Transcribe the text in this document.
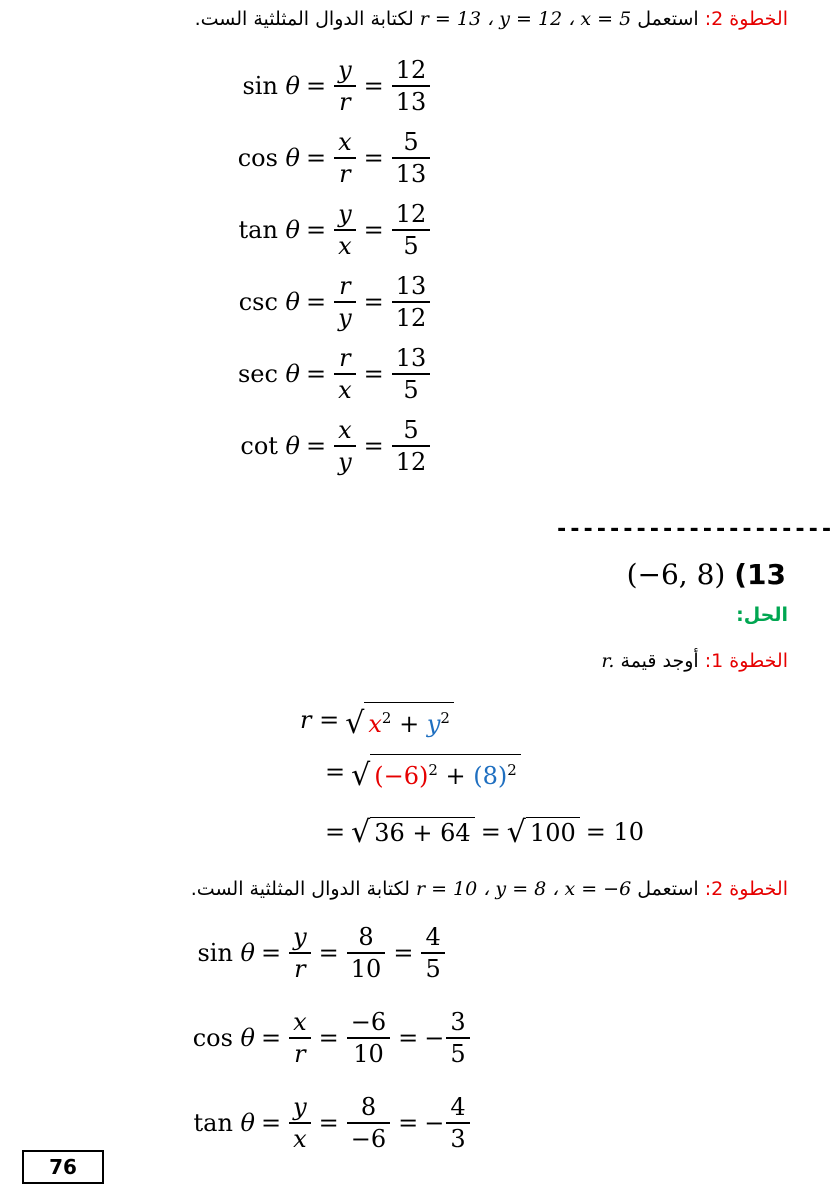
الخطوة 2: استعمل r = 13 ، y = 12 ، x = 5 لكتابة الدوال المثلثية الست.
$\sin \theta = \frac{y}{r} = \frac{12}{13}$
$\cos \theta = \frac{x}{r} = \frac{5}{13}$
$\tan \theta = \frac{y}{x} = \frac{12}{5}$
$\csc \theta = \frac{r}{y} = \frac{13}{12}$
$\sec \theta = \frac{r}{x} = \frac{13}{5}$
$\cot \theta = \frac{x}{y} = \frac{5}{12}$
---------------------
(−6, 8) (13
الحل:
الخطوة 1: أوجد قيمة r.
r = √ $x^2 + y^2$
= √ $(-6)^2 + (8)^2$
= √ 36 + 64 = √ 100 = 10
الخطوة 2: استعمل r = 10 ، y = 8 ، x = −6 لكتابة الدوال المثلثية الست.
$\sin \theta = \frac{y}{r} = \frac{8}{10} = \frac{4}{5}$
$\cos \theta = \frac{x}{r} = \frac{-6}{10}$ = − $\frac{3}{5}$
$\tan \theta = \frac{y}{x} = \frac{8}{-6}$ = − $\frac{4}{3}$
76
